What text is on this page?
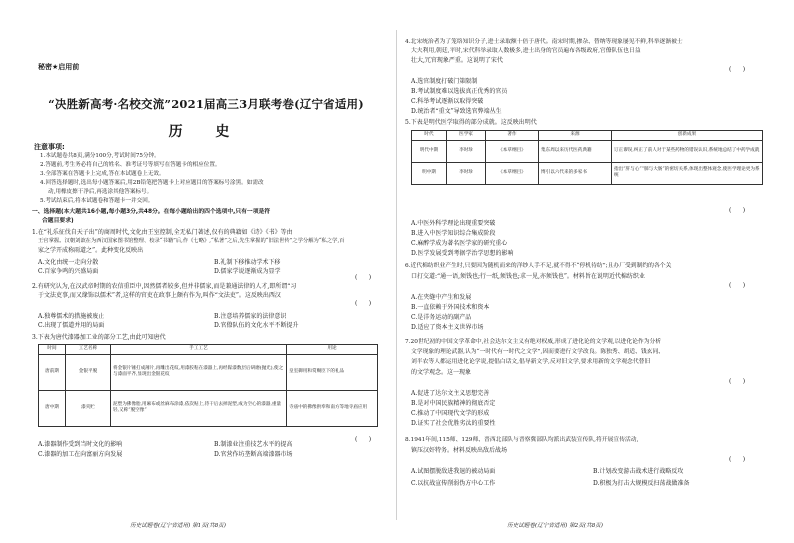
秘密★启用前
“决胜新高考·名校交流”2021届高三3月联考卷(辽宁省适用)
历 史
注意事项:
1.本试题卷共8页,满分100分,考试时间75分钟。
2.答题前,考生务必将自己的姓名、准考证号等填写在答题卡的相应位置。
3.全部答案在答题卡上完成,答在本试题卷上无效。
4.回答选择题时,选出每小题答案后,用2B铅笔把答题卡上对应题目的答案标号涂黑。如需改
动,用橡皮擦干净后,再选涂其他答案标号。
5.考试结束后,将本试题卷和答题卡一并交回。
一、选择题(本大题共16小题,每小题3分,共48分。在每小题给出的四个选项中,只有一项是符
合题目要求)
1.在“礼乐征伐自天子出”的商周时代,文化由王室控制,全无私门著述,仅有的典籍如《诗》《书》等由
王官掌握。汉朝刘歆在为西汉国家图书馆整理、校录“书籍”后,作《七略》,“私著”之后,先生掌握的“旧法世传”之学分解为“私之学,百
家之学开成称雨道之”。此种变化反映出
(      )
A.文化由统一走向分散	B.礼制下移推动学术下移
C.百家争鸣的兴盛局面	D.儒家学说逐渐成为显学
2.有研究认为,在汉武帝时期的农信重臣中,因然儒者较多,但并非儒家,而是兼通法律的人才,即所谓“习
于文法吏事,而又缘饰以儒术”者,这样的官吏在政事上颇有作为,叫作“文法吏”。这反映出西汉
(      )
A.独尊儒术的措施被废止	B.注意培养儒家的法律意识
C.出现了儒道并用的局面	D.官僚队伍的文化水平不断提升
3.下表为唐代漆器加工业的部分工艺,由此可知唐代
时间	工艺名称	手工工艺	用途
唐前期	金银平脱	将金银片锤打成薄片,再雕出花纹,用漆胶粘在漆器上,再经髹漆数层后研磨(抛光),使之与漆面平齐,显现出金银花纹	皇室御用和赏赐臣下的礼品
唐中期	漆夹贮	泥塑为佛像胎,用麻布或丝麻布涂漆,依次贴上,待干后去掉泥塑,成为空心的漆器,重量轻,又称“脱空像”	寺庙中的佛像供奉和南方等地寺庙应用
(      )
A.漆器制作受到当时文化的影响	B.制漆业注重技艺水平的提高
C.漆器的加工在向富丽方向发展	D.官营作坊垄断高端漆器市场
历史试题卷(辽宁省适用) 第1页(共8页)
4.北宋统治者为了笼络知识分子,进士录取额十倍于唐代。南宋时期,掺杂、替纳等现象屡见不鲜,科举逐渐被士
大夫利用,朝廷,平时,宋代科举录取人数极多,进士出身的官员遍布各级政府,官僚队伍也日益
壮大,冗官现象严重。这说明了宋代
(      )
A.选官制度打破门第限制
B.考试制度难以选拔真正优秀的官员
C.科举考试逐渐以取得突破
D.统治者“重文”导致选官弊端丛生
5.下表是明代医学取得的部分成就。这反映出明代
时代	医学家	著作	来源	创新成果
明代中期	李时珍	《本草纲目》	集东周以来历代医药典籍	订正谬误,纠正了前人对于某些药物的错误认识,系统地总结了中药学成就
明中期	李时珍	《本草纲目》	博引以六代来的多家书	指出“肝与心”“肺与大肠”的密切关系,体现出整体观念,使医学理论更为系统
(      )
A.中医外科学理论出现重要突破
B.进入中医学知识综合集成阶段
C.麻醉学成为著名医学家的研究重心
D.医学发展受到考据学治学思想的影响
6.近代棉纺织业产生时,只要因为随机而来的洋纱人手不足,就不得不“停机待纺”;且办厂受到制约的各个关
口打交道:“通一语,须钱也;行一纸,须钱也;求一见,亦须钱也”。材料旨在说明近代棉纺织业
(      )
A.在夹缝中产生和发展
B.一直依赖于外国技术和资本
C.是洋务运动的副产品
D.适应了资本主义世界市场
7.20世纪初的中国文学革命中,社会达尔文主义有绝对权威,形成了进化论的文学观,以进化论作为分析
文学现象的理论武器,认为“一时代有一时代之文学”,因而要进行文学改良。陈独秀、胡适、钱玄同、
刘半农等人都运用进化论学说,提倡白话文,倡导新文学,反对旧文学,要求用新的文学观念代替旧
的文学观念。这一现象
(      )
A.促进了达尔文主义思想完善
B.是对中国民族精神的彻底否定
C.推动了中国现代文学的形成
D.证实了社会优胜劣汰的重要性
8.1941年间,115师、129师、晋西北部队与晋察冀部队均派出武装宣传队,将开展宣传活动,
镇压汉奸特务。材料反映出敌后战场
(      )
A.试图摆脱敌进我退的被动局面	B.计划改变游击战术进行战略反攻
C.以抗战宣传削弱伪方中心工作	D.积极为打击大规模反扫荡战做准备
历史试题卷(辽宁省适用) 第2页(共8页)
